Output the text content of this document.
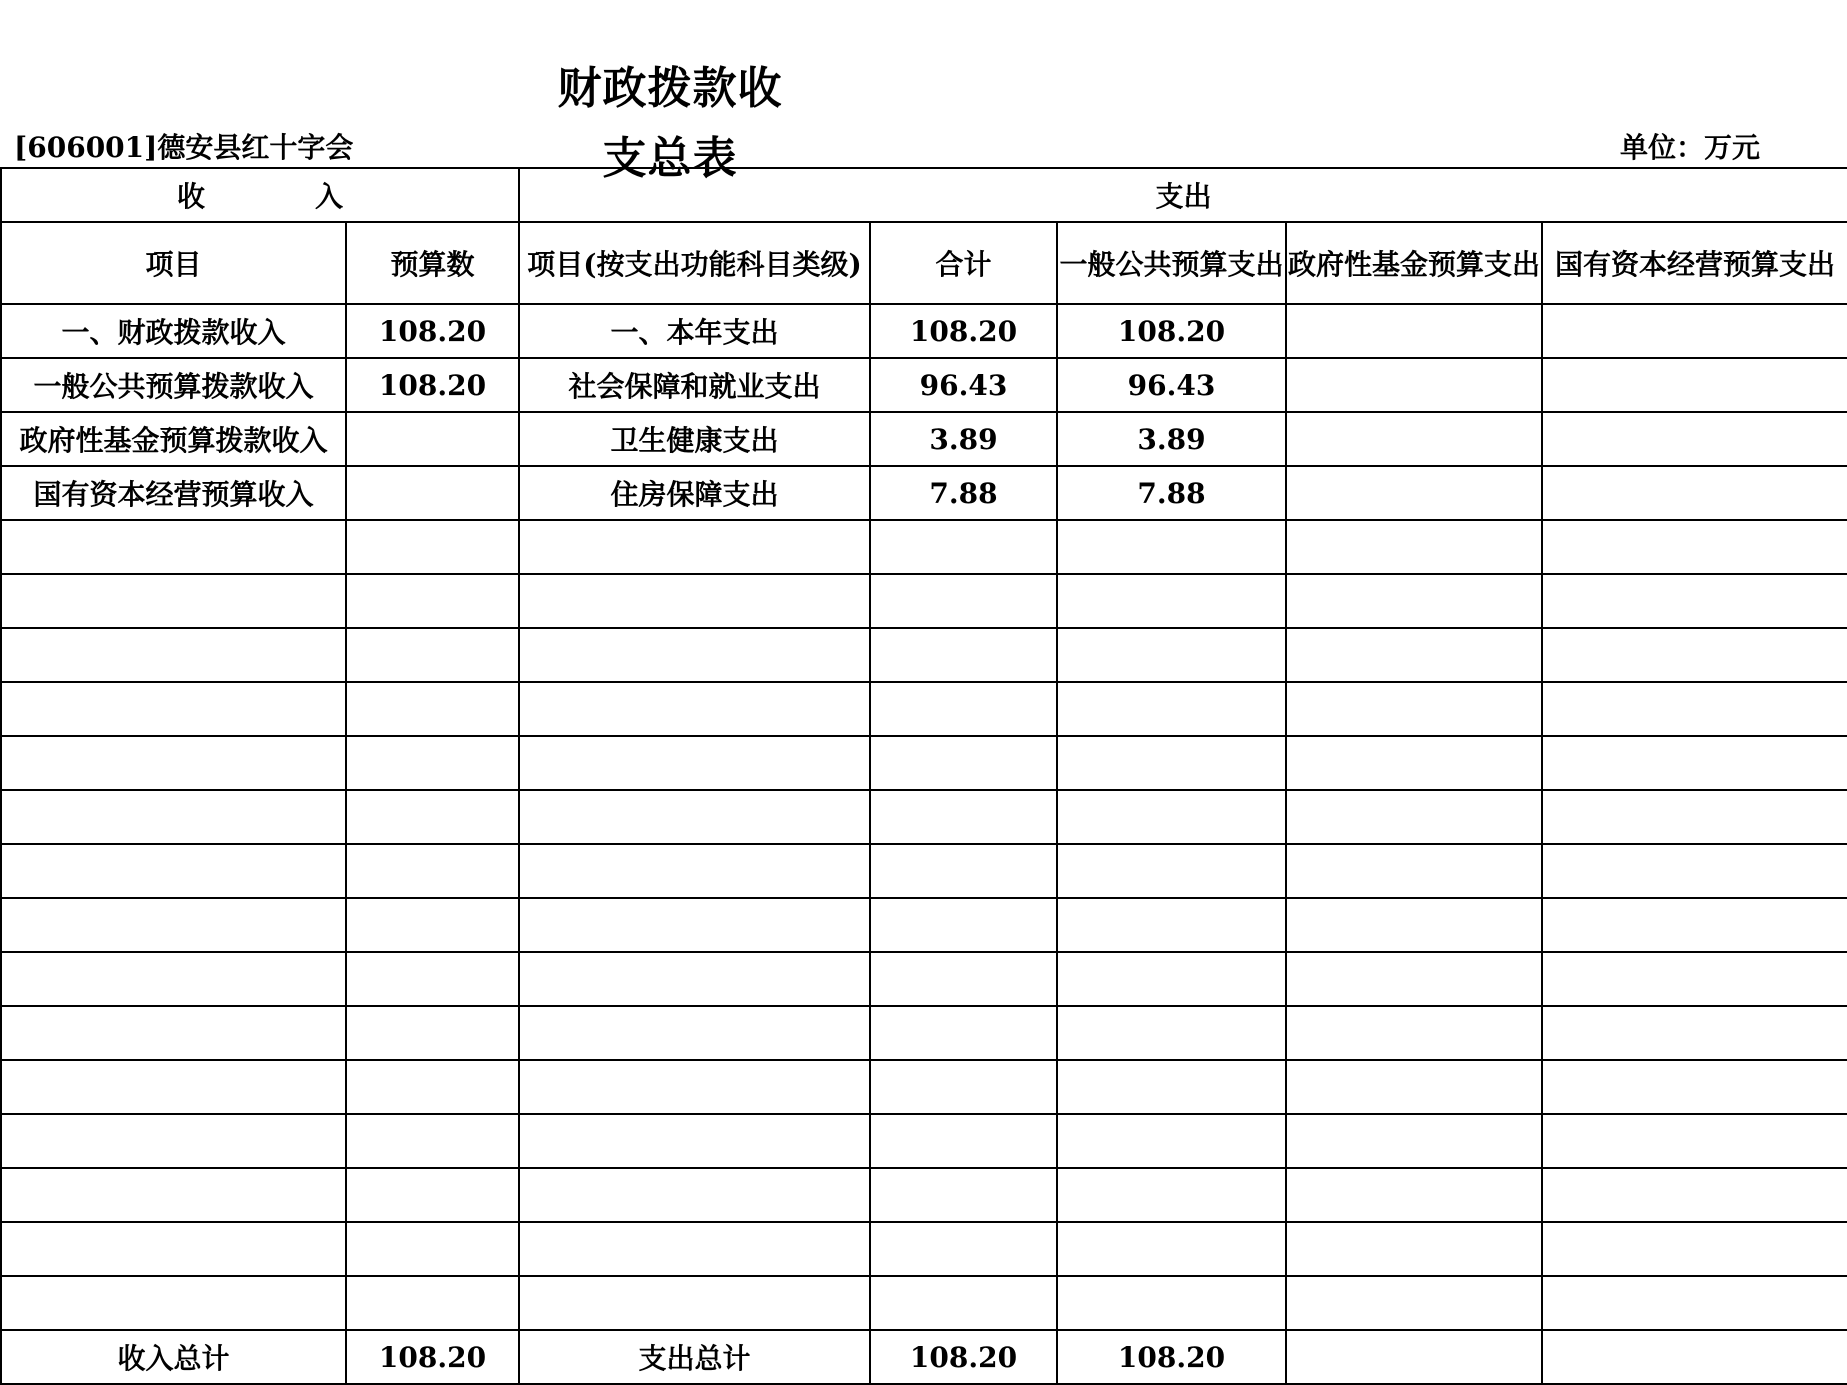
财政拨款收支总表
[606001]德安县红十字会	单位：万元
收 入		支出				
项目	预算数	项目(按支出功能科目类级)	合计	一般公共预算支出	政府性基金预算支出	国有资本经营预算支出
一、财政拨款收入	108.20	一、本年支出	108.20	108.20		
一般公共预算拨款收入	108.20	社会保障和就业支出	96.43	96.43		
政府性基金预算拨款收入		卫生健康支出	3.89	3.89		
国有资本经营预算收入		住房保障支出	7.88	7.88		

收入总计	108.20	支出总计	108.20	108.20		
